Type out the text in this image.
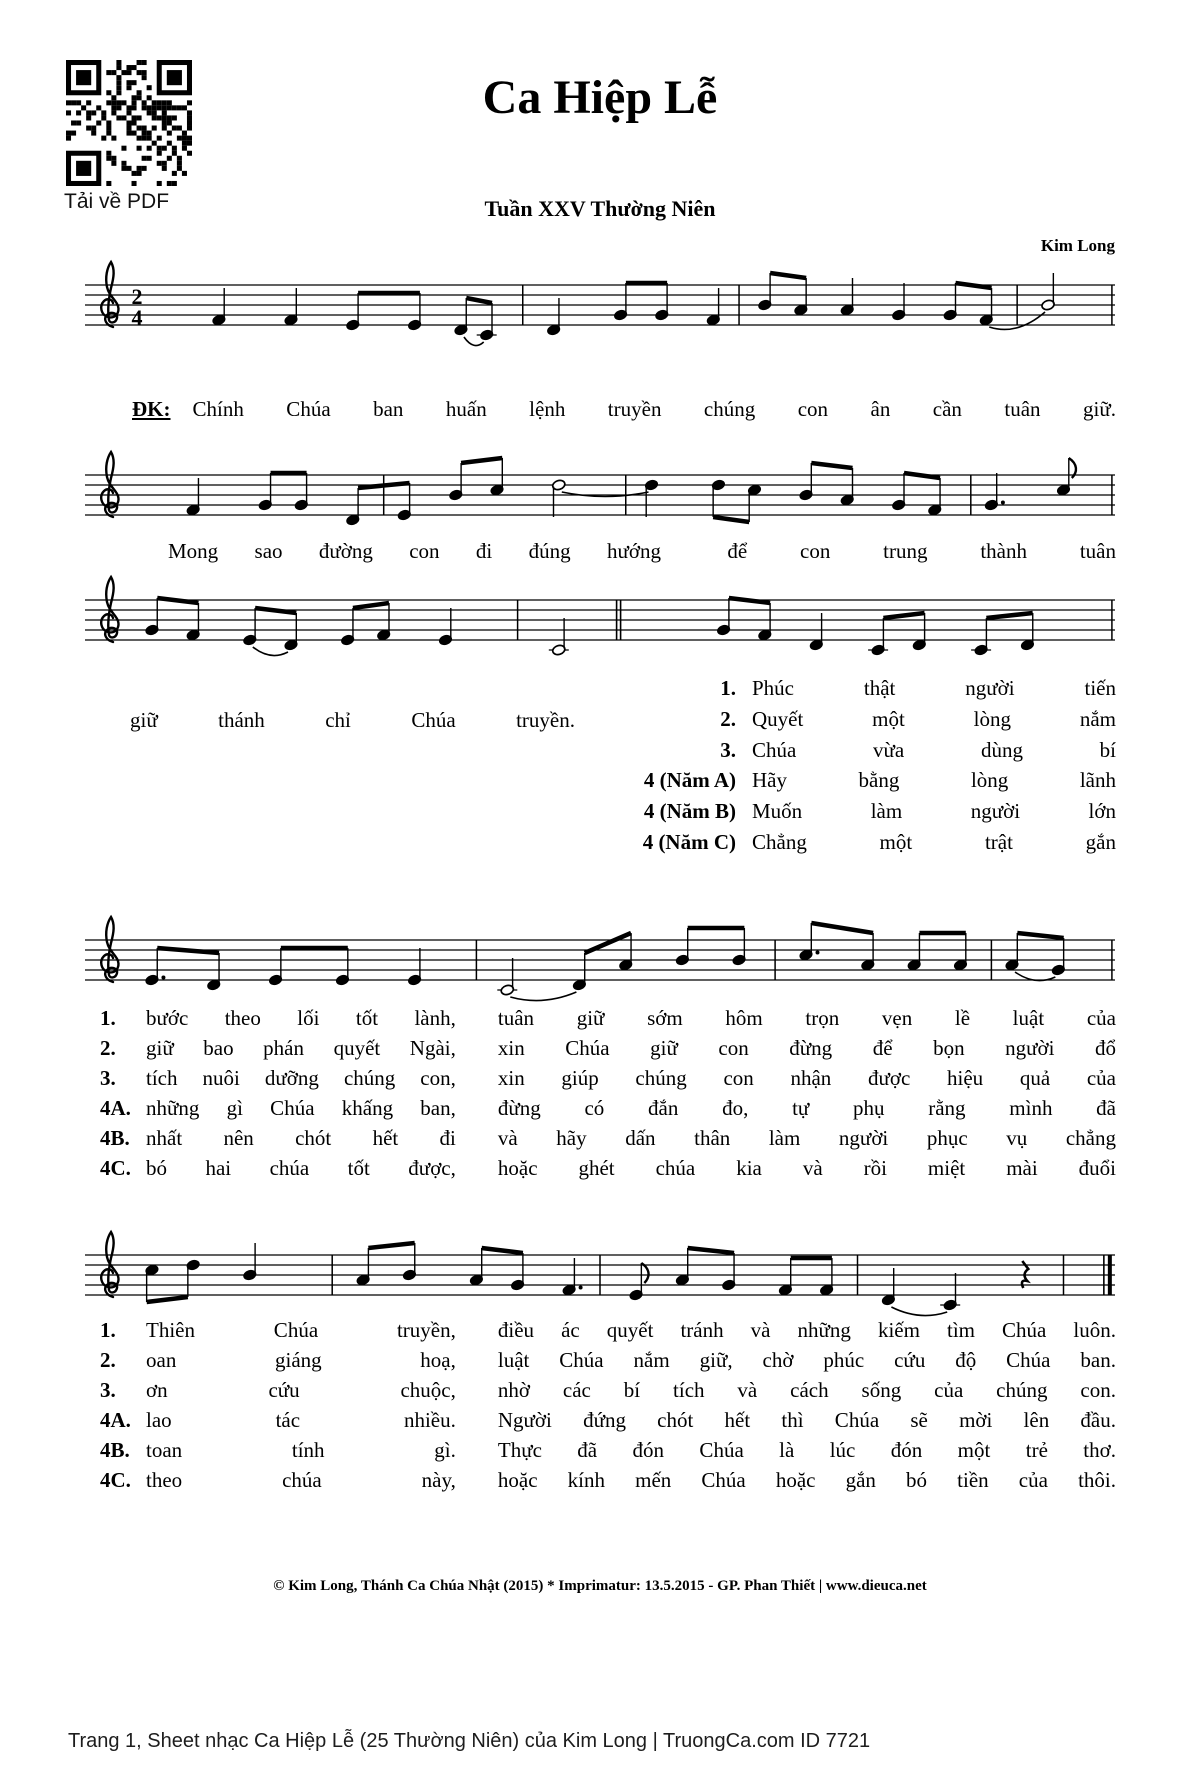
Tải về PDF
Ca Hiệp Lễ
Tuần XXV Thường Niên
Kim Long
2
4
ĐK: Chính Chúa ban huấn lệnh truyền chúng con ân cần tuân giữ.
Mong sao đường con đi đúng hướng	để con trung thành tuân
giữ thánh chỉ Chúa truyền.
1. Phúc thật người tiến
2. Quyết một lòng nắm
3. Chúa vừa dùng bí
4 (Năm A) Hãy bằng lòng lãnh
4 (Năm B) Muốn làm người lớn
4 (Năm C) Chẳng một trật gắn
1.	bước theo lối tốt lành, tuân giữ sớm hôm trọn vẹn lề luật của
2.	giữ bao phán quyết Ngài, xin Chúa giữ con đừng để bọn người đổ
3.	tích nuôi dưỡng chúng con, xin giúp chúng con nhận được hiệu quả của
4A. những gì Chúa khấng ban, đừng có đắn đo, tự phụ rằng mình đã
4B. nhất nên chót hết đi và hãy dấn thân làm người phục vụ chẳng
4C. bó hai chúa tốt được, hoặc ghét chúa kia và rồi miệt mài đuổi
1.	Thiên Chúa truyền, điều ác quyết tránh và những kiếm tìm Chúa luôn.
2.	oan giáng hoạ, luật Chúa nắm giữ, chờ phúc cứu độ Chúa ban.
3.	ơn cứu chuộc, nhờ các bí tích và cách sống của chúng con.
4A. lao tác nhiều. Người đứng chót hết thì Chúa sẽ mời lên đầu.
4B. toan tính gì. Thực đã đón Chúa là lúc đón một trẻ thơ.
4C. theo chúa này, hoặc kính mến Chúa hoặc gắn bó tiền của thôi.
© Kim Long, Thánh Ca Chúa Nhật (2015) * Imprimatur: 13.5.2015 - GP. Phan Thiết | www.dieuca.net
Trang 1, Sheet nhạc Ca Hiệp Lễ (25 Thường Niên) của Kim Long | TruongCa.com ID 7721
